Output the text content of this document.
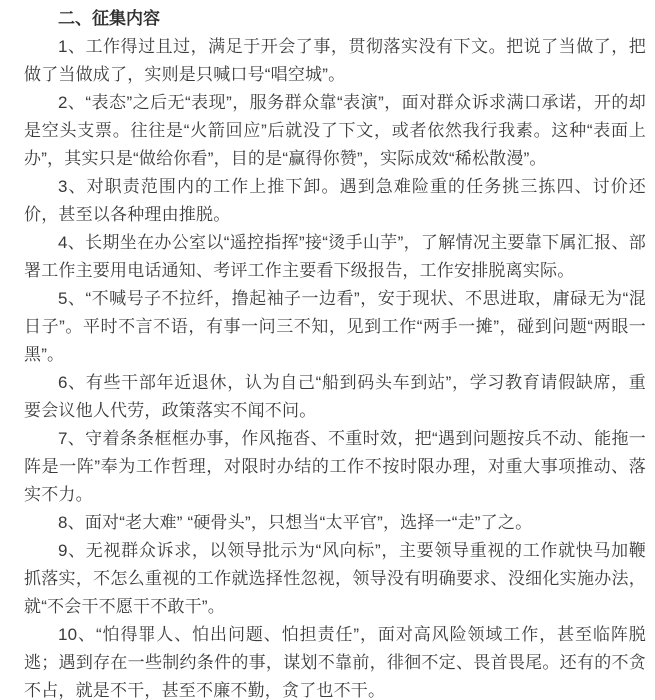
二、征集内容

1、工作得过且过，满足于开会了事，贯彻落实没有下文。把说了当做了，把做了当做成了，实则是只喊口号“唱空城”。

2、“表态”之后无“表现”，服务群众靠“表演”，面对群众诉求满口承诺，开的却是空头支票。往往是“火箭回应”后就没了下文，或者依然我行我素。这种“表面上办”，其实只是“做给你看”，目的是“赢得你赞”，实际成效“稀松散漫”。

3、对职责范围内的工作上推下卸。遇到急难险重的任务挑三拣四、讨价还价，甚至以各种理由推脱。

4、长期坐在办公室以“遥控指挥”接“烫手山芋”，了解情况主要靠下属汇报、部署工作主要用电话通知、考评工作主要看下级报告，工作安排脱离实际。

5、“不喊号子不拉纤，撸起袖子一边看”，安于现状、不思进取，庸碌无为“混日子”。平时不言不语，有事一问三不知，见到工作“两手一摊”，碰到问题“两眼一黑”。

6、有些干部年近退休，认为自己“船到码头车到站”，学习教育请假缺席，重要会议他人代劳，政策落实不闻不问。

7、守着条条框框办事，作风拖沓、不重时效，把“遇到问题按兵不动、能拖一阵是一阵”奉为工作哲理，对限时办结的工作不按时限办理，对重大事项推动、落实不力。

8、面对“老大难” “硬骨头”，只想当“太平官”，选择一“走”了之。

9、无视群众诉求，以领导批示为“风向标”，主要领导重视的工作就快马加鞭抓落实，不怎么重视的工作就选择性忽视，领导没有明确要求、没细化实施办法，就“不会干不愿干不敢干”。

10、“怕得罪人、怕出问题、怕担责任”，面对高风险领域工作，甚至临阵脱逃；遇到存在一些制约条件的事，谋划不靠前，徘徊不定、畏首畏尾。还有的不贪不占，就是不干，甚至不廉不勤，贪了也不干。
